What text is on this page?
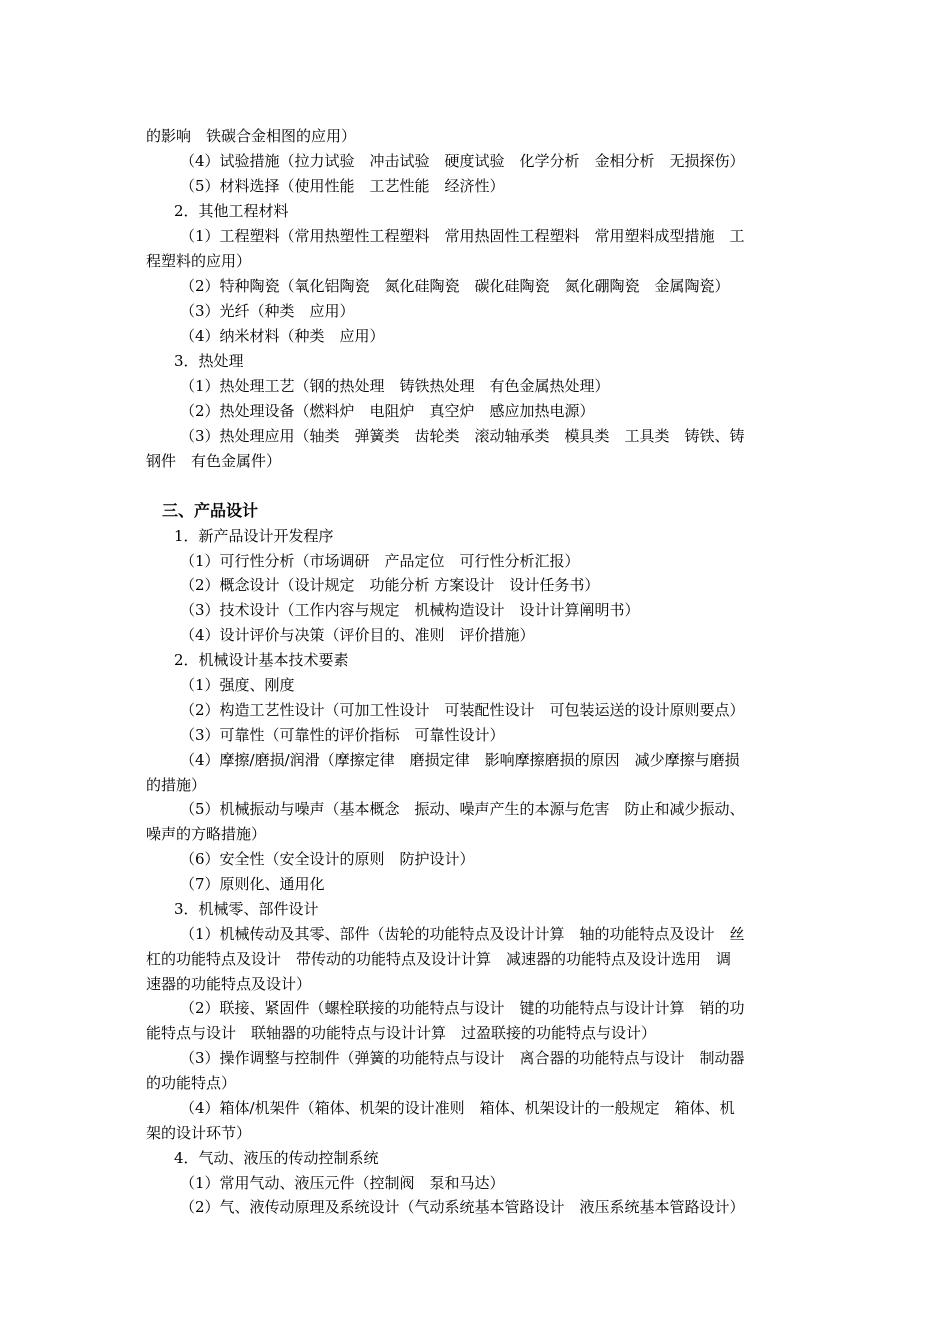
的影响　铁碳合金相图的应用）
（4）试验措施（拉力试验　冲击试验　硬度试验　化学分析　金相分析　无损探伤）
（5）材料选择（使用性能　工艺性能　经济性）
2．其他工程材料
（1）工程塑料（常用热塑性工程塑料　常用热固性工程塑料　常用塑料成型措施　工
程塑料的应用）
（2）特种陶瓷（氧化铝陶瓷　氮化硅陶瓷　碳化硅陶瓷　氮化硼陶瓷　金属陶瓷）
（3）光纤（种类　应用）
（4）纳米材料（种类　应用）
3．热处理
（1）热处理工艺（钢的热处理　铸铁热处理　有色金属热处理）
（2）热处理设备（燃料炉　电阻炉　真空炉　感应加热电源）
（3）热处理应用（轴类　弹簧类　齿轮类　滚动轴承类　模具类　工具类　铸铁、铸
钢件　有色金属件）
三、产品设计
1．新产品设计开发程序
（1）可行性分析（市场调研　产品定位　可行性分析汇报）
（2）概念设计（设计规定　功能分析 方案设计　设计任务书）
（3）技术设计（工作内容与规定　机械构造设计　设计计算阐明书）
（4）设计评价与决策（评价目的、准则　评价措施）
2．机械设计基本技术要素
（1）强度、刚度
（2）构造工艺性设计（可加工性设计　可装配性设计　可包装运送的设计原则要点）
（3）可靠性（可靠性的评价指标　可靠性设计）
（4）摩擦/磨损/润滑（摩擦定律　磨损定律　影响摩擦磨损的原因　减少摩擦与磨损
的措施）
（5）机械振动与噪声（基本概念　振动、噪声产生的本源与危害　防止和减少振动、
噪声的方略措施）
（6）安全性（安全设计的原则　防护设计）
（7）原则化、通用化
3．机械零、部件设计
（1）机械传动及其零、部件（齿轮的功能特点及设计计算　轴的功能特点及设计　丝
杠的功能特点及设计　带传动的功能特点及设计计算　减速器的功能特点及设计选用　调
速器的功能特点及设计）
（2）联接、紧固件（螺栓联接的功能特点与设计　键的功能特点与设计计算　销的功
能特点与设计　联轴器的功能特点与设计计算　过盈联接的功能特点与设计）
（3）操作调整与控制件（弹簧的功能特点与设计　离合器的功能特点与设计　制动器
的功能特点）
（4）箱体/机架件（箱体、机架的设计准则　箱体、机架设计的一般规定　箱体、机
架的设计环节）
4．气动、液压的传动控制系统
（1）常用气动、液压元件（控制阀　泵和马达）
（2）气、液传动原理及系统设计（气动系统基本管路设计　液压系统基本管路设计）
